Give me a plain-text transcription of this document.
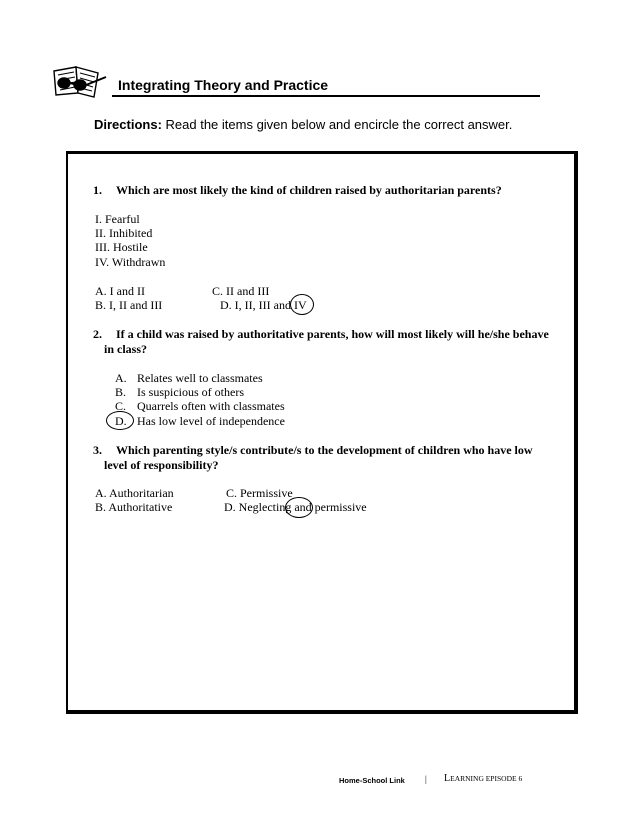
Integrating Theory and Practice
Directions: Read the items given below and encircle the correct answer.
1. Which are most likely the kind of children raised by authoritarian parents?
I. Fearful
II. Inhibited
III. Hostile
IV. Withdrawn
A. I and II	C. II and III
B. I, II and III	D. I, II, III and IV
2. If a child was raised by authoritative parents, how will most likely will he/she behave
in class?
A. Relates well to classmates
B. Is suspicious of others
C. Quarrels often with classmates
D. Has low level of independence
3. Which parenting style/s contribute/s to the development of children who have low
level of responsibility?
A. Authoritarian	C. Permissive
B. Authoritative	D. Neglecting and permissive
Home-School Link | LEARNING EPISODE 6
